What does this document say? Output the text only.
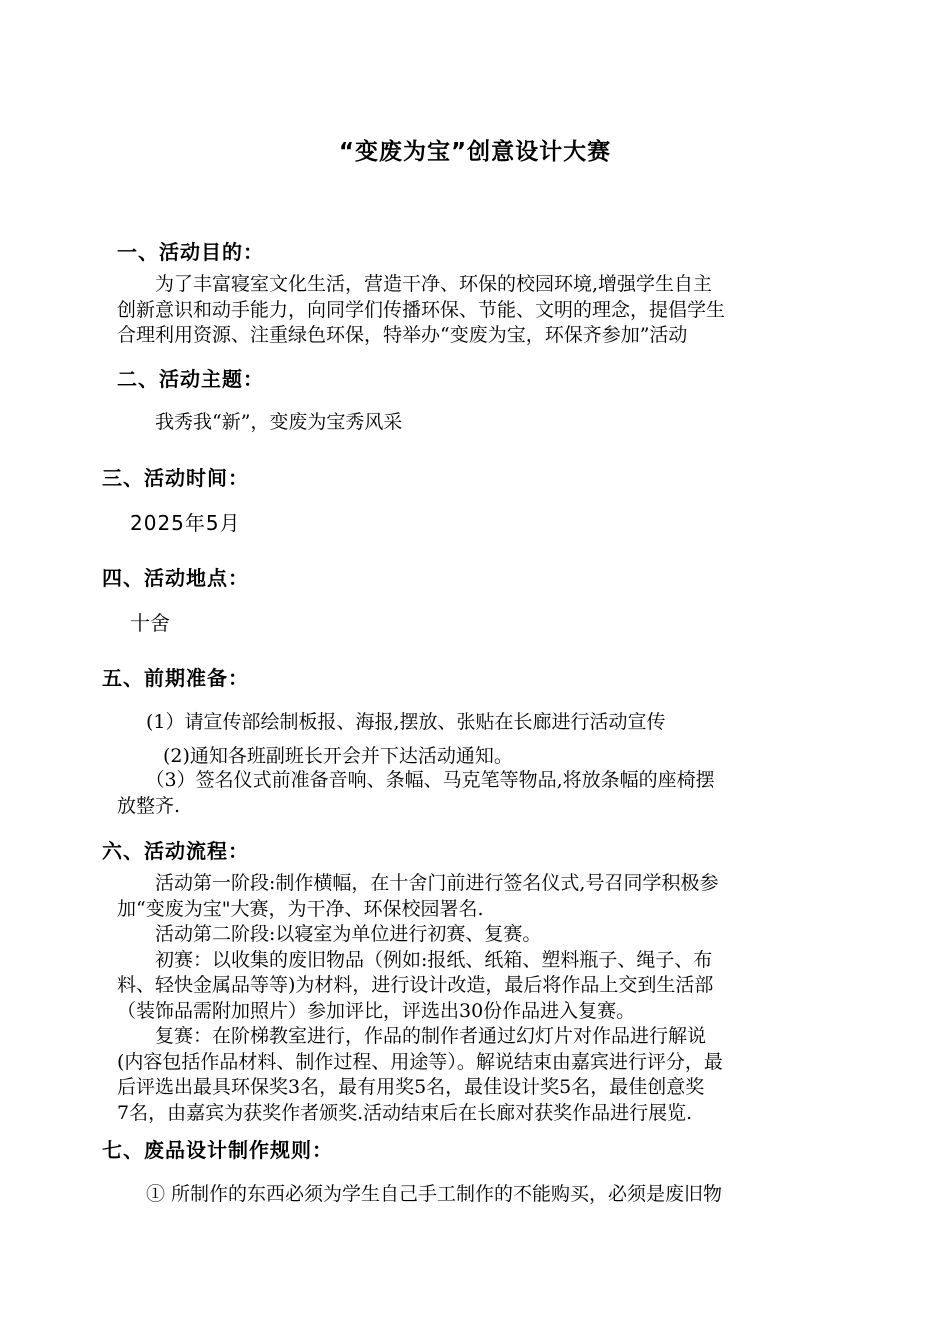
“变废为宝”创意设计大赛
一、活动目的：
　　为了丰富寝室文化生活，营造干净、环保的校园环境,增强学生自主
创新意识和动手能力，向同学们传播环保、节能、文明的理念，提倡学生
合理利用资源、注重绿色环保，特举办“变废为宝，环保齐参加”活动
二、活动主题：
我秀我“新”，变废为宝秀风采
三、活动时间：
2025年5月
四、活动地点：
十舍
五、前期准备：
(1）请宣传部绘制板报、海报,摆放、张贴在长廊进行活动宣传
(2)通知各班副班长开会并下达活动通知。
　　（3）签名仪式前准备音响、条幅、马克笔等物品,将放条幅的座椅摆
放整齐.
六、活动流程：
　　活动第一阶段:制作横幅，在十舍门前进行签名仪式,号召同学积极参
加“变废为宝"大赛，为干净、环保校园署名.
　　活动第二阶段:以寝室为单位进行初赛、复赛。
　　初赛：以收集的废旧物品（例如:报纸、纸箱、塑料瓶子、绳子、布
料、轻快金属品等等)为材料，进行设计改造，最后将作品上交到生活部
（装饰品需附加照片）参加评比，评选出30份作品进入复赛。
　　复赛：在阶梯教室进行，作品的制作者通过幻灯片对作品进行解说
(内容包括作品材料、制作过程、用途等）。解说结束由嘉宾进行评分，最
后评选出最具环保奖3名，最有用奖5名，最佳设计奖5名，最佳创意奖
7名，由嘉宾为获奖作者颁奖.活动结束后在长廊对获奖作品进行展览.
七、废品设计制作规则：
① 所制作的东西必须为学生自己手工制作的不能购买，必须是废旧物
